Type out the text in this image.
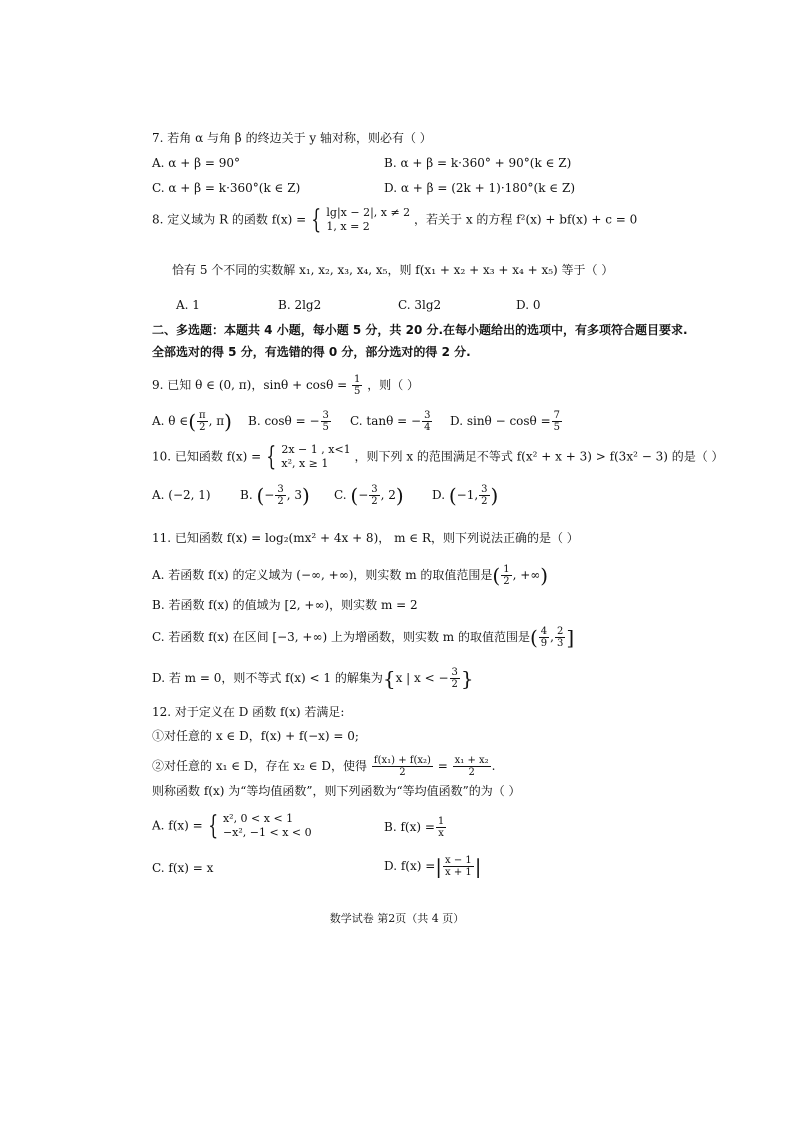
7. 若角 α 与角 β 的终边关于 y 轴对称，则必有（ ）
A. α + β = 90°	B. α + β = k·360° + 90°(k ∈ Z)
C. α + β = k·360°(k ∈ Z)	D. α + β = (2k + 1)·180°(k ∈ Z)
8. 定义域为 R 的函数 f(x) = { lg|x − 2|, x ≠ 2
1, x = 2	，若关于 x 的方程 f²(x) + bf(x) + c = 0
恰有 5 个不同的实数解 x₁, x₂, x₃, x₄, x₅，则 f(x₁ + x₂ + x₃ + x₄ + x₅) 等于（ ）
A. 1	B. 2lg2	C. 3lg2	D. 0
二、多选题：本题共 4 小题，每小题 5 分，共 20 分.在每小题给出的选项中，有多项符合题目要求.
全部选对的得 5 分，有选错的得 0 分，部分选对的得 2 分.
9. 已知 θ ∈ (0, π)，$\sin\theta + \cos\theta = \frac{1}{5}$ ，则（ ）
A. θ ∈( $\frac{\pi}{2}$ , π) B. cosθ = − $\frac{3}{5} C$. tanθ = − $\frac{3}{4} D$. $\sin\theta - \cos\theta = \frac{7}{5}$
10. 已知函数 f(x) = { 2x − 1 , x<1
x², x ≥ 1	，则下列 x 的范围满足不等式 f(x² + x + 3) > f(3x² − 3) 的是（ ）
A. (−2, 1) B. (− $\frac{3}{2}$ , 3) C. (− $\frac{3}{2}$ , 2) D. (−1, $\frac{3}{2}$ )
11. 已知函数 f(x) = log₂(mx² + 4x + 8)， m ∈ R，则下列说法正确的是（ ）
A. 若函数 f(x) 的定义域为 (−∞, +∞)，则实数 m 的取值范围是( $\frac{1}{2}$ , +∞)
B. 若函数 f(x) 的值域为 [2, +∞)，则实数 m = 2
C. 若函数 f(x) 在区间 [−3, +∞) 上为增函数，则实数 m 的取值范围是( $\frac{4}{9}$ , $\frac{2}{3}$ ]
D. 若 m = 0，则不等式 f(x) < 1 的解集为{x | x < − $\frac{3}{2}$ }
12. 对于定义在 D 函数 f(x) 若满足:
①对任意的 x ∈ D，f(x) + f(−x) = 0;
②对任意的 x₁ ∈ D，存在 x₂ ∈ D，使得 $\frac{\text{f(x₁) + f(x₂)}}{2} = \frac{\text{x₁ + x₂}}{2}$ .
则称函数 f(x) 为“等均值函数”，则下列函数为“等均值函数”的为（ ）
A. f(x) = { x², 0 < x < 1
−x², −1 < x < 0	B. $f(x) = \frac{1}{x}$
C. f(x) = x	D. f(x) =| $\frac{x - 1}{x + 1}$ |
数学试卷 第2页（共 4 页）
